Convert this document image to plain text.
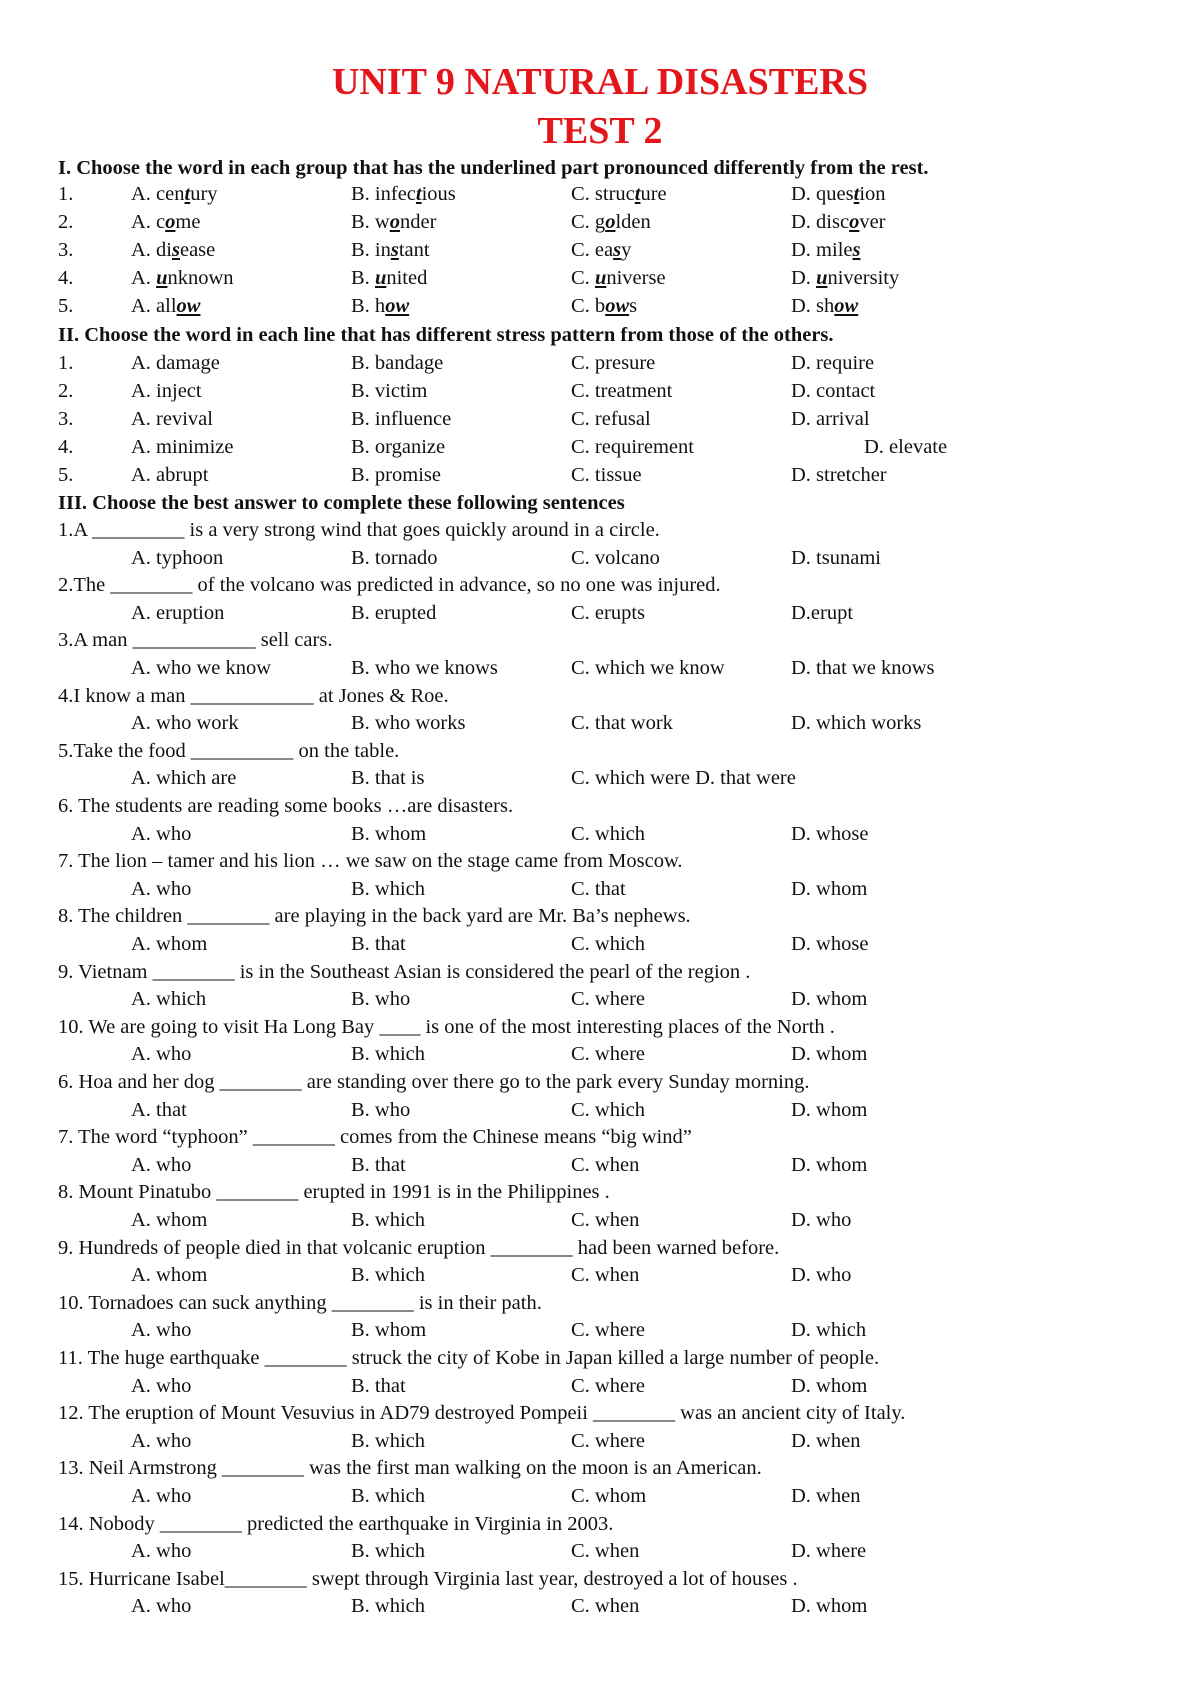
UNIT 9 NATURAL DISASTERS
TEST 2
I. Choose the word in each group that has the underlined part pronounced differently from the rest.
1.	A. century	B. infectious	C. structure	D. question
2.	A. come	B. wonder	C. golden	D. discover
3.	A. disease	B. instant	C. easy	D. miles
4.	A. unknown	B. united	C. universe	D. university
5.	A. allow	B. how	C. bows	D. show
II. Choose the word in each line that has different stress pattern from those of the others.
1.	A. damage	B. bandage	C. presure	D. require
2.	A. inject	B. victim	C. treatment	D. contact
3.	A. revival	B. influence	C. refusal	D. arrival
4.	A. minimize	B. organize	C. requirement	D. elevate
5.	A. abrupt	B. promise	C. tissue	D. stretcher
III. Choose the best answer to complete these following sentences
1.A _________ is a very strong wind that goes quickly around in a circle.
A. typhoon	B. tornado	C. volcano	D. tsunami
2.The ________ of the volcano was predicted in advance, so no one was injured.
A. eruption	B. erupted	C. erupts	D.erupt
3.A man ____________ sell cars.
A. who we know	B. who we knows	C. which we know	D. that we knows
4.I know a man ____________ at Jones & Roe.
A. who work	B. who works	C. that work	D. which works
5.Take the food __________ on the table.
A. which are	B. that is	C. which were D. that were
6. The students are reading some books …are disasters.
A. who	B. whom	C. which	D. whose
7. The lion – tamer and his lion … we saw on the stage came from Moscow.
A. who	B. which	C. that	D. whom
8. The children ________ are playing in the back yard are Mr. Ba’s nephews.
A. whom	B. that	C. which	D. whose
9. Vietnam ________ is in the Southeast Asian is considered the pearl of the region .
A. which	B. who	C. where	D. whom
10. We are going to visit Ha Long Bay ____ is one of the most interesting places of the North .
A. who	B. which	C. where	D. whom
6. Hoa and her dog ________ are standing over there go to the park every Sunday morning.
A. that	B. who	C. which	D. whom
7. The word “typhoon” ________ comes from the Chinese means “big wind”
A. who	B. that	C. when	D. whom
8. Mount Pinatubo ________ erupted in 1991 is in the Philippines .
A. whom	B. which	C. when	D. who
9. Hundreds of people died in that volcanic eruption ________ had been warned before.
A. whom	B. which	C. when	D. who
10. Tornadoes can suck anything ________ is in their path.
A. who	B. whom	C. where	D. which
11. The huge earthquake ________ struck the city of Kobe in Japan killed a large number of people.
A. who	B. that	C. where	D. whom
12. The eruption of Mount Vesuvius in AD79 destroyed Pompeii ________ was an ancient city of Italy.
A. who	B. which	C. where	D. when
13. Neil Armstrong ________ was the first man walking on the moon is an American.
A. who	B. which	C. whom	D. when
14. Nobody ________ predicted the earthquake in Virginia in 2003.
A. who	B. which	C. when	D. where
15. Hurricane Isabel________ swept through Virginia last year, destroyed a lot of houses .
A. who	B. which	C. when	D. whom
